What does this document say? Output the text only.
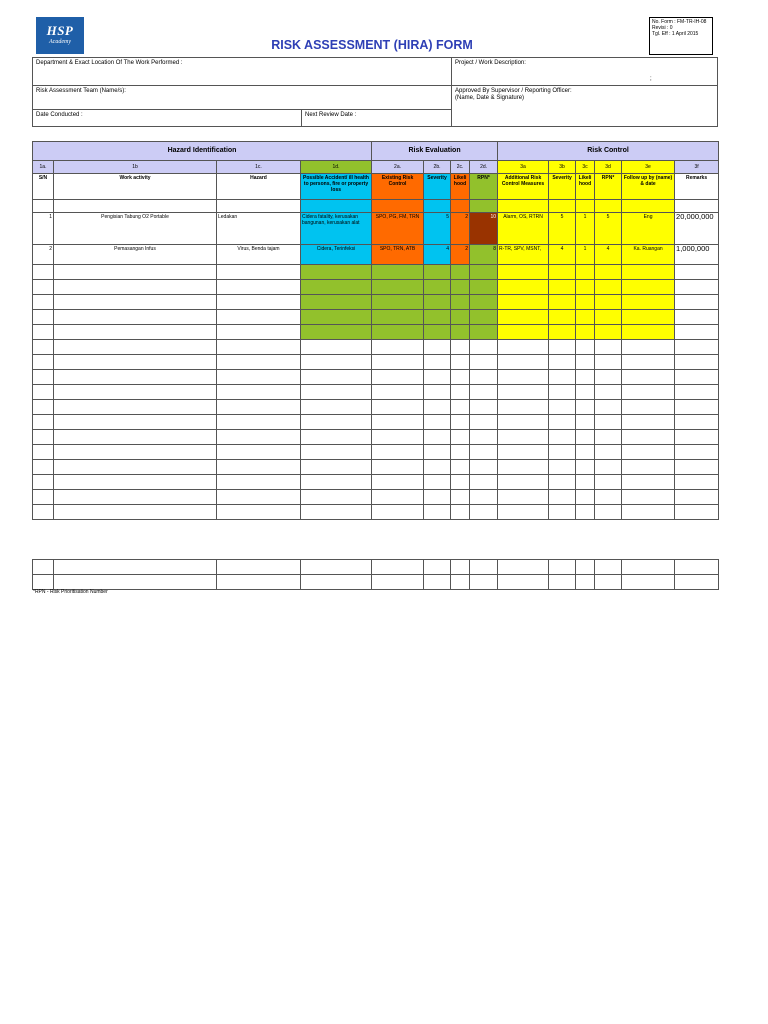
HSP
Academy	RISK ASSESSMENT (HIRA) FORM
No. Form : FM-TR-IH-08
Revisi : 0
Tgl. Eff : 1 April 2015
Department & Exact Location Of The Work Performed :	Project / Work Description:
;
Risk Assessment Team (Name/s):	Approved By Supervisor / Reporting Officer:
(Name, Date & Signature)
Date Conducted :	Next Review Date :
Hazard Identification				Risk Evaluation				Risk Control					
1a.	1b	1c.	1d.	2a.	2b.	2c.	2d.	3a	3b	3c	3d	3e	3f
S/N	Work activity	Hazard	Possible Accident/ ill health to persons, fire or property loss	Existing Risk Control	Severity	Likeli hood	RPN*	Additional Risk Control Measures	Severity	Likeli hood	RPN*	Follow up by (name) & date	Remarks

1	Pengisian Tabung O2 Portable	Ledakan	Cidera fatality, kerusakan bangunan, kerusakan alat	SPO, PG, FM, TRN	5	2	10	Alarm, OS, RTRN	5	1	5	Eng	20,000,000
2	Pemasangan Infus	Virus, Benda tajam	Cidera, Terinfeksi	SPO, TRN, ATB	4	2	8	R-TR, SPV, MSNT,	4	1	4	Ka. Ruangan	1,000,000

*RPN - Risk Prioritisation Number
